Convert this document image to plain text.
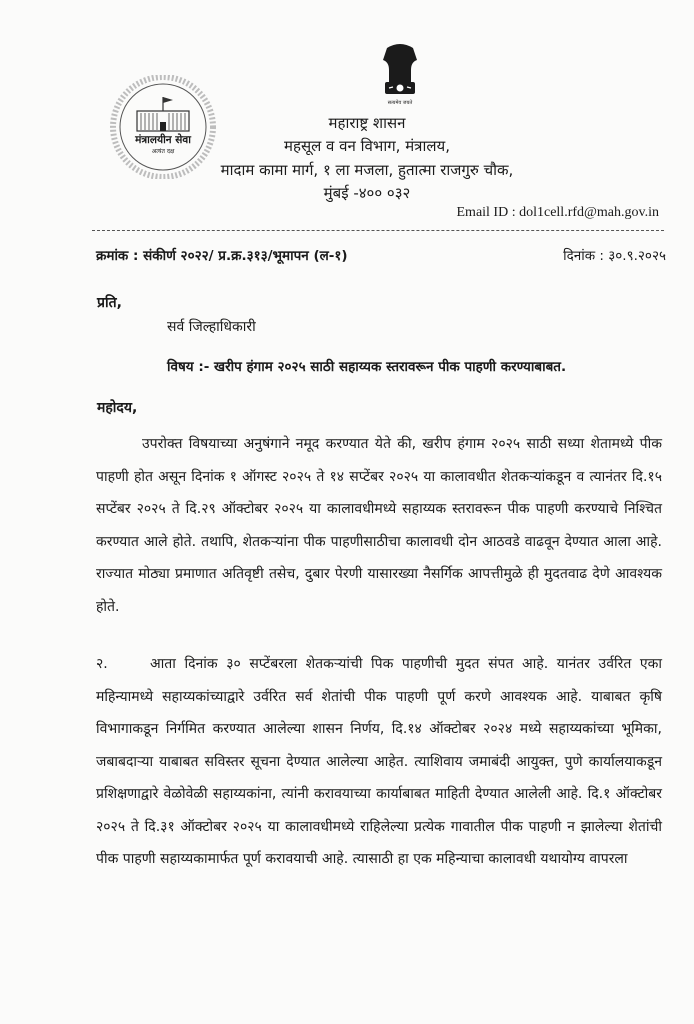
मंत्रालयीन सेवा
अत्यंत दक्ष
सत्यमेव जयते
महाराष्ट्र शासन
महसूल व वन विभाग, मंत्रालय,
मादाम कामा मार्ग, १ ला मजला, हुतात्मा राजगुरु चौक,
मुंबई -४०० ०३२
Email ID : dol1cell.rfd@mah.gov.in
क्रमांक : संकीर्ण २०२२/ प्र.क्र.३१३/भूमापन (ल-१)	दिनांक : ३०.९.२०२५
प्रति,
सर्व जिल्हाधिकारी
विषय :- खरीप हंगाम २०२५ साठी सहाय्यक स्तरावरून पीक पाहणी करण्याबाबत.
महोदय,
उपरोक्त विषयाच्या अनुषंगाने नमूद करण्यात येते की, खरीप हंगाम २०२५ साठी सध्या शेतामध्ये पीक पाहणी होत असून दिनांक १ ऑगस्ट २०२५ ते १४ सप्टेंबर २०२५ या कालावधीत शेतकऱ्यांकडून व त्यानंतर दि.१५ सप्टेंबर २०२५ ते दि.२९ ऑक्टोबर २०२५ या कालावधीमध्ये सहाय्यक स्तरावरून पीक पाहणी करण्याचे निश्चित करण्यात आले होते. तथापि, शेतकऱ्यांना पीक पाहणीसाठीचा कालावधी दोन आठवडे वाढवून देण्यात आला आहे. राज्यात मोठ्या प्रमाणात अतिवृष्टी तसेच, दुबार पेरणी यासारख्या नैसर्गिक आपत्तीमुळे ही मुदतवाढ देणे आवश्यक होते.
२.	आता दिनांक ३० सप्टेंबरला शेतकऱ्यांची पिक पाहणीची मुदत संपत आहे. यानंतर उर्वरित एका महिन्यामध्ये सहाय्यकांच्याद्वारे उर्वरित सर्व शेतांची पीक पाहणी पूर्ण करणे आवश्यक आहे. याबाबत कृषि विभागाकडून निर्गमित करण्यात आलेल्या शासन निर्णय, दि.१४ ऑक्टोबर २०२४ मध्ये सहाय्यकांच्या भूमिका, जबाबदाऱ्या याबाबत सविस्तर सूचना देण्यात आलेल्या आहेत. त्याशिवाय जमाबंदी आयुक्त, पुणे कार्यालयाकडून प्रशिक्षणाद्वारे वेळोवेळी सहाय्यकांना, त्यांनी करावयाच्या कार्याबाबत माहिती देण्यात आलेली आहे. दि.१ ऑक्टोबर २०२५ ते दि.३१ ऑक्टोबर २०२५ या कालावधीमध्ये राहिलेल्या प्रत्येक गावातील पीक पाहणी न झालेल्या शेतांची पीक पाहणी सहाय्यकामार्फत पूर्ण करावयाची आहे. त्यासाठी हा एक महिन्याचा कालावधी यथायोग्य वापरला
